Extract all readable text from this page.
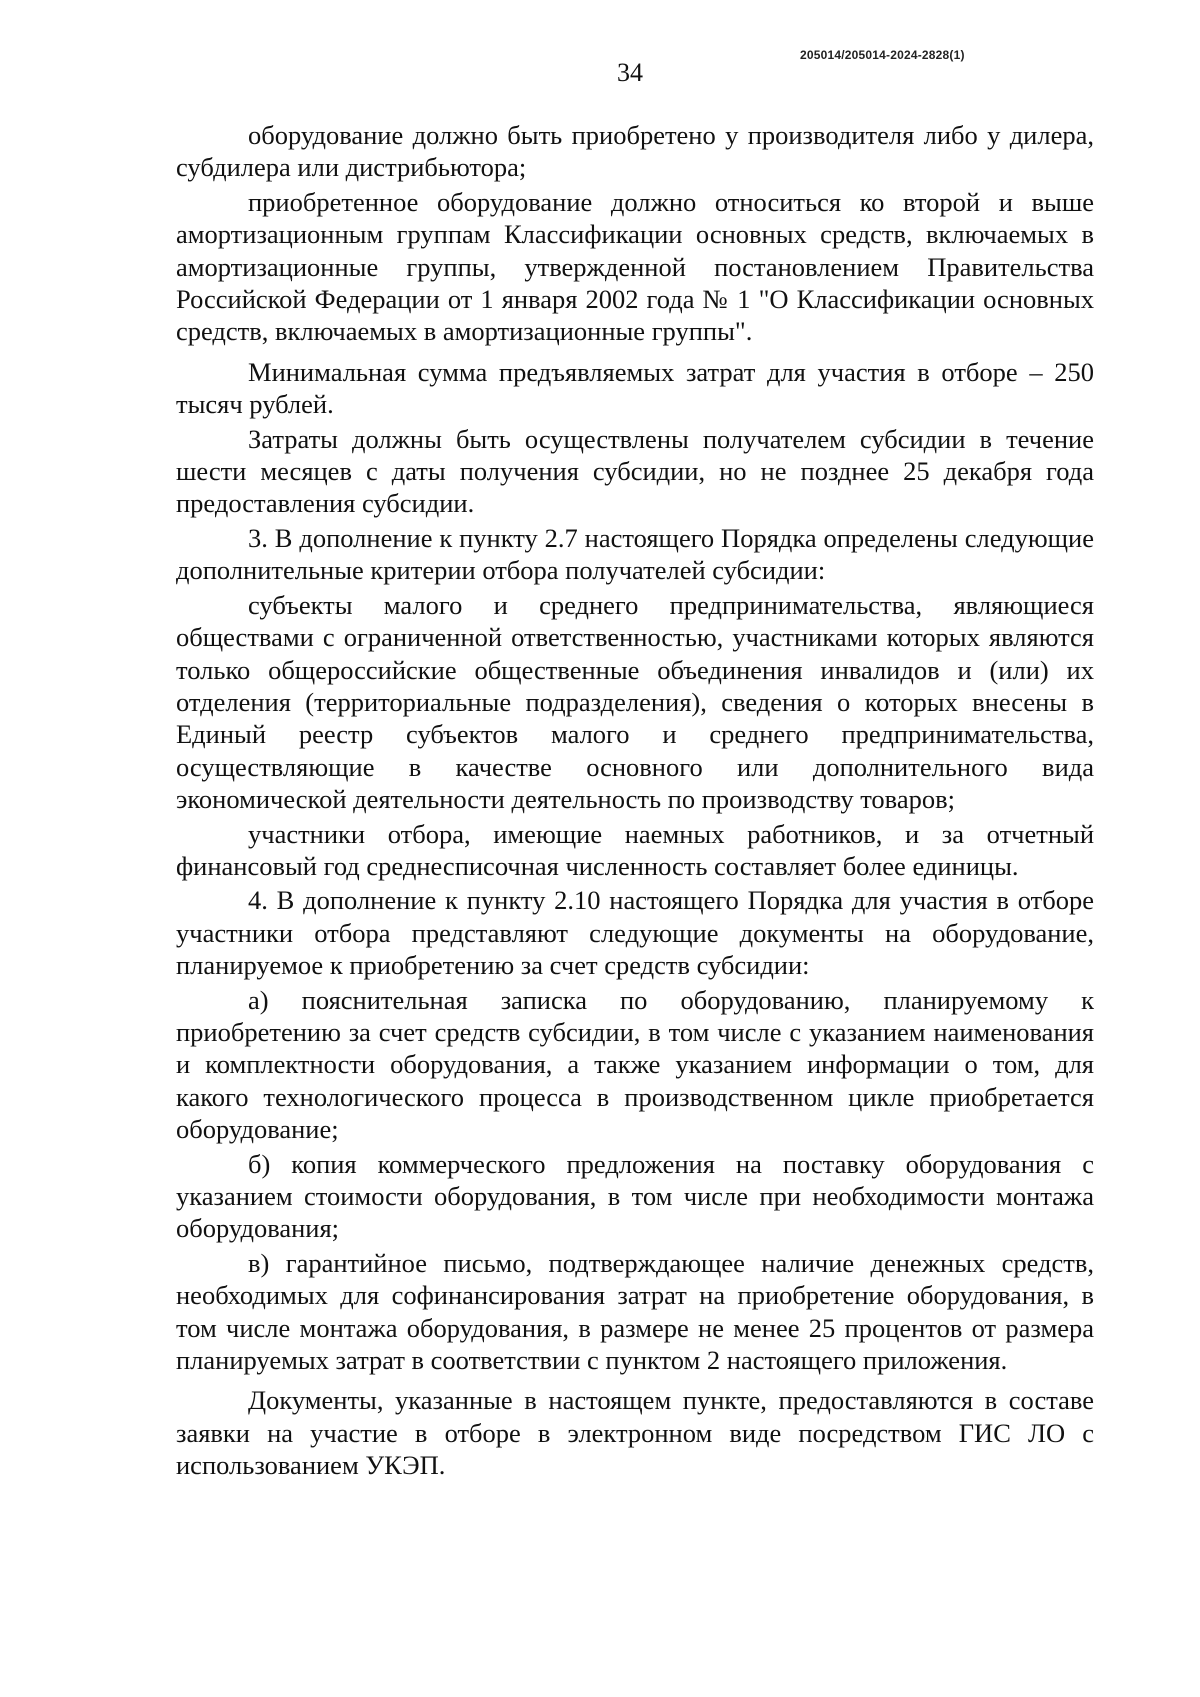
34
205014/205014-2024-2828(1)

оборудование должно быть приобретено у производителя либо у дилера, субдилера или дистрибьютора;

приобретенное оборудование должно относиться ко второй и выше амортизационным группам Классификации основных средств, включаемых в амортизационные группы, утвержденной постановлением Правительства Российской Федерации от 1 января 2002 года № 1 "О Классификации основных средств, включаемых в амортизационные группы".

Минимальная сумма предъявляемых затрат для участия в отборе – 250 тысяч рублей.

Затраты должны быть осуществлены получателем субсидии в течение шести месяцев с даты получения субсидии, но не позднее 25 декабря года предоставления субсидии.

3. В дополнение к пункту 2.7 настоящего Порядка определены следующие дополнительные критерии отбора получателей субсидии:

субъекты малого и среднего предпринимательства, являющиеся обществами с ограниченной ответственностью, участниками которых являются только общероссийские общественные объединения инвалидов и (или) их отделения (территориальные подразделения), сведения о которых внесены в Единый реестр субъектов малого и среднего предпринимательства, осуществляющие в качестве основного или дополнительного вида экономической деятельности деятельность по производству товаров;

участники отбора, имеющие наемных работников, и за отчетный финансовый год среднесписочная численность составляет более единицы.

4. В дополнение к пункту 2.10 настоящего Порядка для участия в отборе участники отбора представляют следующие документы на оборудование, планируемое к приобретению за счет средств субсидии:

а) пояснительная записка по оборудованию, планируемому к приобретению за счет средств субсидии, в том числе с указанием наименования и комплектности оборудования, а также указанием информации о том, для какого технологического процесса в производственном цикле приобретается оборудование;

б) копия коммерческого предложения на поставку оборудования с указанием стоимости оборудования, в том числе при необходимости монтажа оборудования;

в) гарантийное письмо, подтверждающее наличие денежных средств, необходимых для софинансирования затрат на приобретение оборудования, в том числе монтажа оборудования, в размере не менее 25 процентов от размера планируемых затрат в соответствии с пунктом 2 настоящего приложения.

Документы, указанные в настоящем пункте, предоставляются в составе заявки на участие в отборе в электронном виде посредством ГИС ЛО с использованием УКЭП.
